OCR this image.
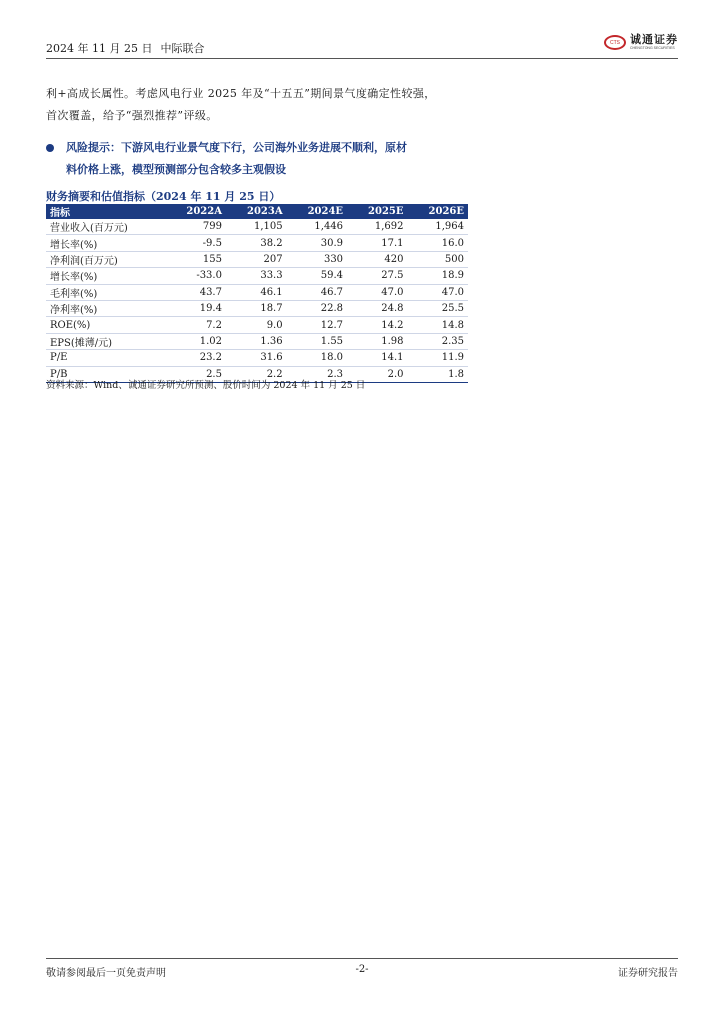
2024 年 11 月 25 日 中际联合	CTS 诚通证券
CHENGTONG SECURITIES
利+高成长属性。考虑风电行业 2025 年及“十五五”期间景气度确定性较强，
首次覆盖，给予“强烈推荐”评级。
风险提示：下游风电行业景气度下行，公司海外业务进展不顺利，原材
料价格上涨，模型预测部分包含较多主观假设
财务摘要和估值指标（2024 年 11 月 25 日）
指标	2022A	2023A	2024E	2025E	2026E
营业收入(百万元)	799	1,105	1,446	1,692	1,964
增长率(%)	-9.5	38.2	30.9	17.1	16.0
净利润(百万元)	155	207	330	420	500
增长率(%)	-33.0	33.3	59.4	27.5	18.9
毛利率(%)	43.7	46.1	46.7	47.0	47.0
净利率(%)	19.4	18.7	22.8	24.8	25.5
ROE(%)	7.2	9.0	12.7	14.2	14.8
EPS(摊薄/元)	1.02	1.36	1.55	1.98	2.35
P/E	23.2	31.6	18.0	14.1	11.9
P/B	2.5	2.2	2.3	2.0	1.8
资料来源：Wind、诚通证券研究所预测、股价时间为 2024 年 11 月 25 日
敬请参阅最后一页免责声明	-2-	证券研究报告
